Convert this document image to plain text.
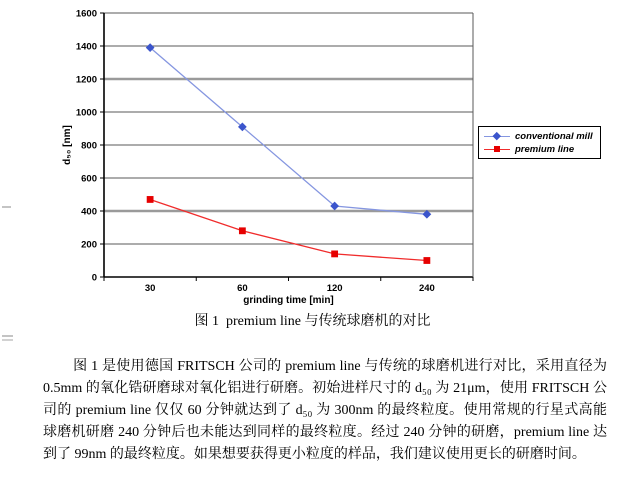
0
200
400
600
800
1000
1200
1400
1600
30	60	120	240
grinding time [min]
d₅₀ [nm]	conventional mill
premium line
图 1  premium line 与传统球磨机的对比

图 1 是使用德国 FRITSCH 公司的 premium line 与传统的球磨机进行对比，采用直径为 0.5mm 的氧化锆研磨球对氧化铝进行研磨。初始进样尺寸的 d₅₀ 为 21μm，使用 FRITSCH 公司的 premium line 仅仅 60 分钟就达到了 d₅₀ 为 300nm 的最终粒度。使用常规的行星式高能球磨机研磨 240 分钟后也未能达到同样的最终粒度。经过 240 分钟的研磨，premium line 达到了 99nm 的最终粒度。如果想要获得更小粒度的样品，我们建议使用更长的研磨时间。
